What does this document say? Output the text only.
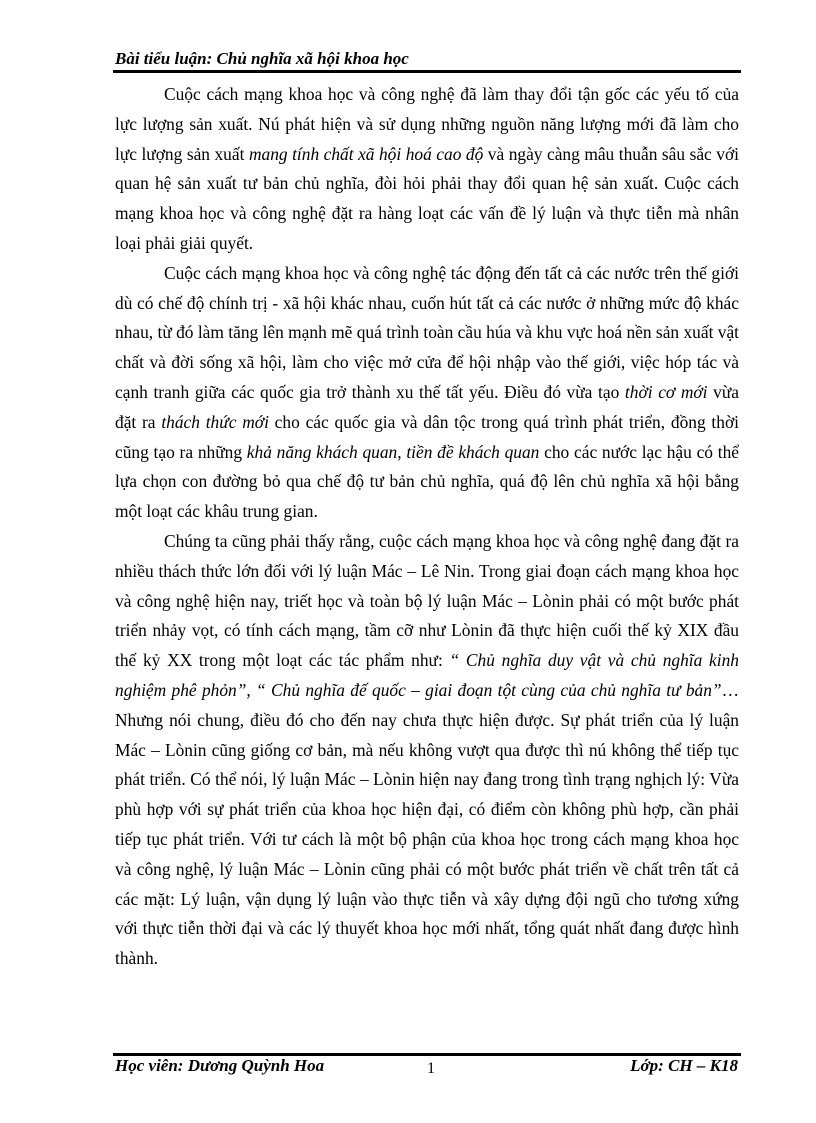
Bài tiểu luận: Chủ nghĩa xã hội khoa học

Cuộc cách mạng khoa học và công nghệ đã làm thay đổi tận gốc các yếu tố của lực lượng sản xuất. Nú phát hiện và sử dụng những nguồn năng lượng mới đã làm cho lực lượng sản xuất mang tính chất xã hội hoá cao độ và ngày càng mâu thuẫn sâu sắc với quan hệ sản xuất tư bản chủ nghĩa, đòi hỏi phải thay đổi quan hệ sản xuất. Cuộc cách mạng khoa học và công nghệ đặt ra hàng loạt các vấn đề lý luận và thực tiễn mà nhân loại phải giải quyết.

Cuộc cách mạng khoa học và công nghệ tác động đến tất cả các nước trên thế giới dù có chế độ chính trị - xã hội khác nhau, cuốn hút tất cả các nước ở những mức độ khác nhau, từ đó làm tăng lên mạnh mẽ quá trình toàn cầu húa và khu vực hoá nền sản xuất vật chất và đời sống xã hội, làm cho việc mở cửa để hội nhập vào thế giới, việc hóp tác và cạnh tranh giữa các quốc gia trở thành xu thế tất yếu. Điều đó vừa tạo thời cơ mới vừa đặt ra thách thức mới cho các quốc gia và dân tộc trong quá trình phát triển, đồng thời cũng tạo ra những khả năng khách quan, tiền đề khách quan cho các nước lạc hậu có thể lựa chọn con đường bỏ qua chế độ tư bản chủ nghĩa, quá độ lên chủ nghĩa xã hội bằng một loạt các khâu trung gian.

Chúng ta cũng phải thấy rằng, cuộc cách mạng khoa học và công nghệ đang đặt ra nhiều thách thức lớn đối với lý luận Mác – Lê Nin. Trong giai đoạn cách mạng khoa học và công nghệ hiện nay, triết học và toàn bộ lý luận Mác – Lònin phải có một bước phát triển nhảy vọt, có tính cách mạng, tầm cỡ như Lònin đã thực hiện cuối thế kỷ XIX đầu thế kỷ XX trong một loạt các tác phẩm như: “ Chủ nghĩa duy vật và chủ nghĩa kinh nghiệm phê phỏn”, “ Chủ nghĩa đế quốc – giai đoạn tột cùng của chủ nghĩa tư bản”… Nhưng nói chung, điều đó cho đến nay chưa thực hiện được. Sự phát triển của lý luận Mác – Lònin cũng giống cơ bản, mà nếu không vượt qua được thì nú không thể tiếp tục phát triển. Có thể nói, lý luận Mác – Lònin hiện nay đang trong tình trạng nghịch lý: Vừa phù hợp với sự phát triển của khoa học hiện đại, có điểm còn không phù hợp, cần phải tiếp tục phát triển. Với tư cách là một bộ phận của khoa học trong cách mạng khoa học và công nghệ, lý luận Mác – Lònin cũng phải có một bước phát triển về chất trên tất cả các mặt: Lý luận, vận dụng lý luận vào thực tiễn và xây dựng đội ngũ cho tương xứng với thực tiễn thời đại và các lý thuyết khoa học mới nhất, tổng quát nhất đang được hình thành.

Học viên: Dương Quỳnh Hoa	1	Lớp: CH – K18
